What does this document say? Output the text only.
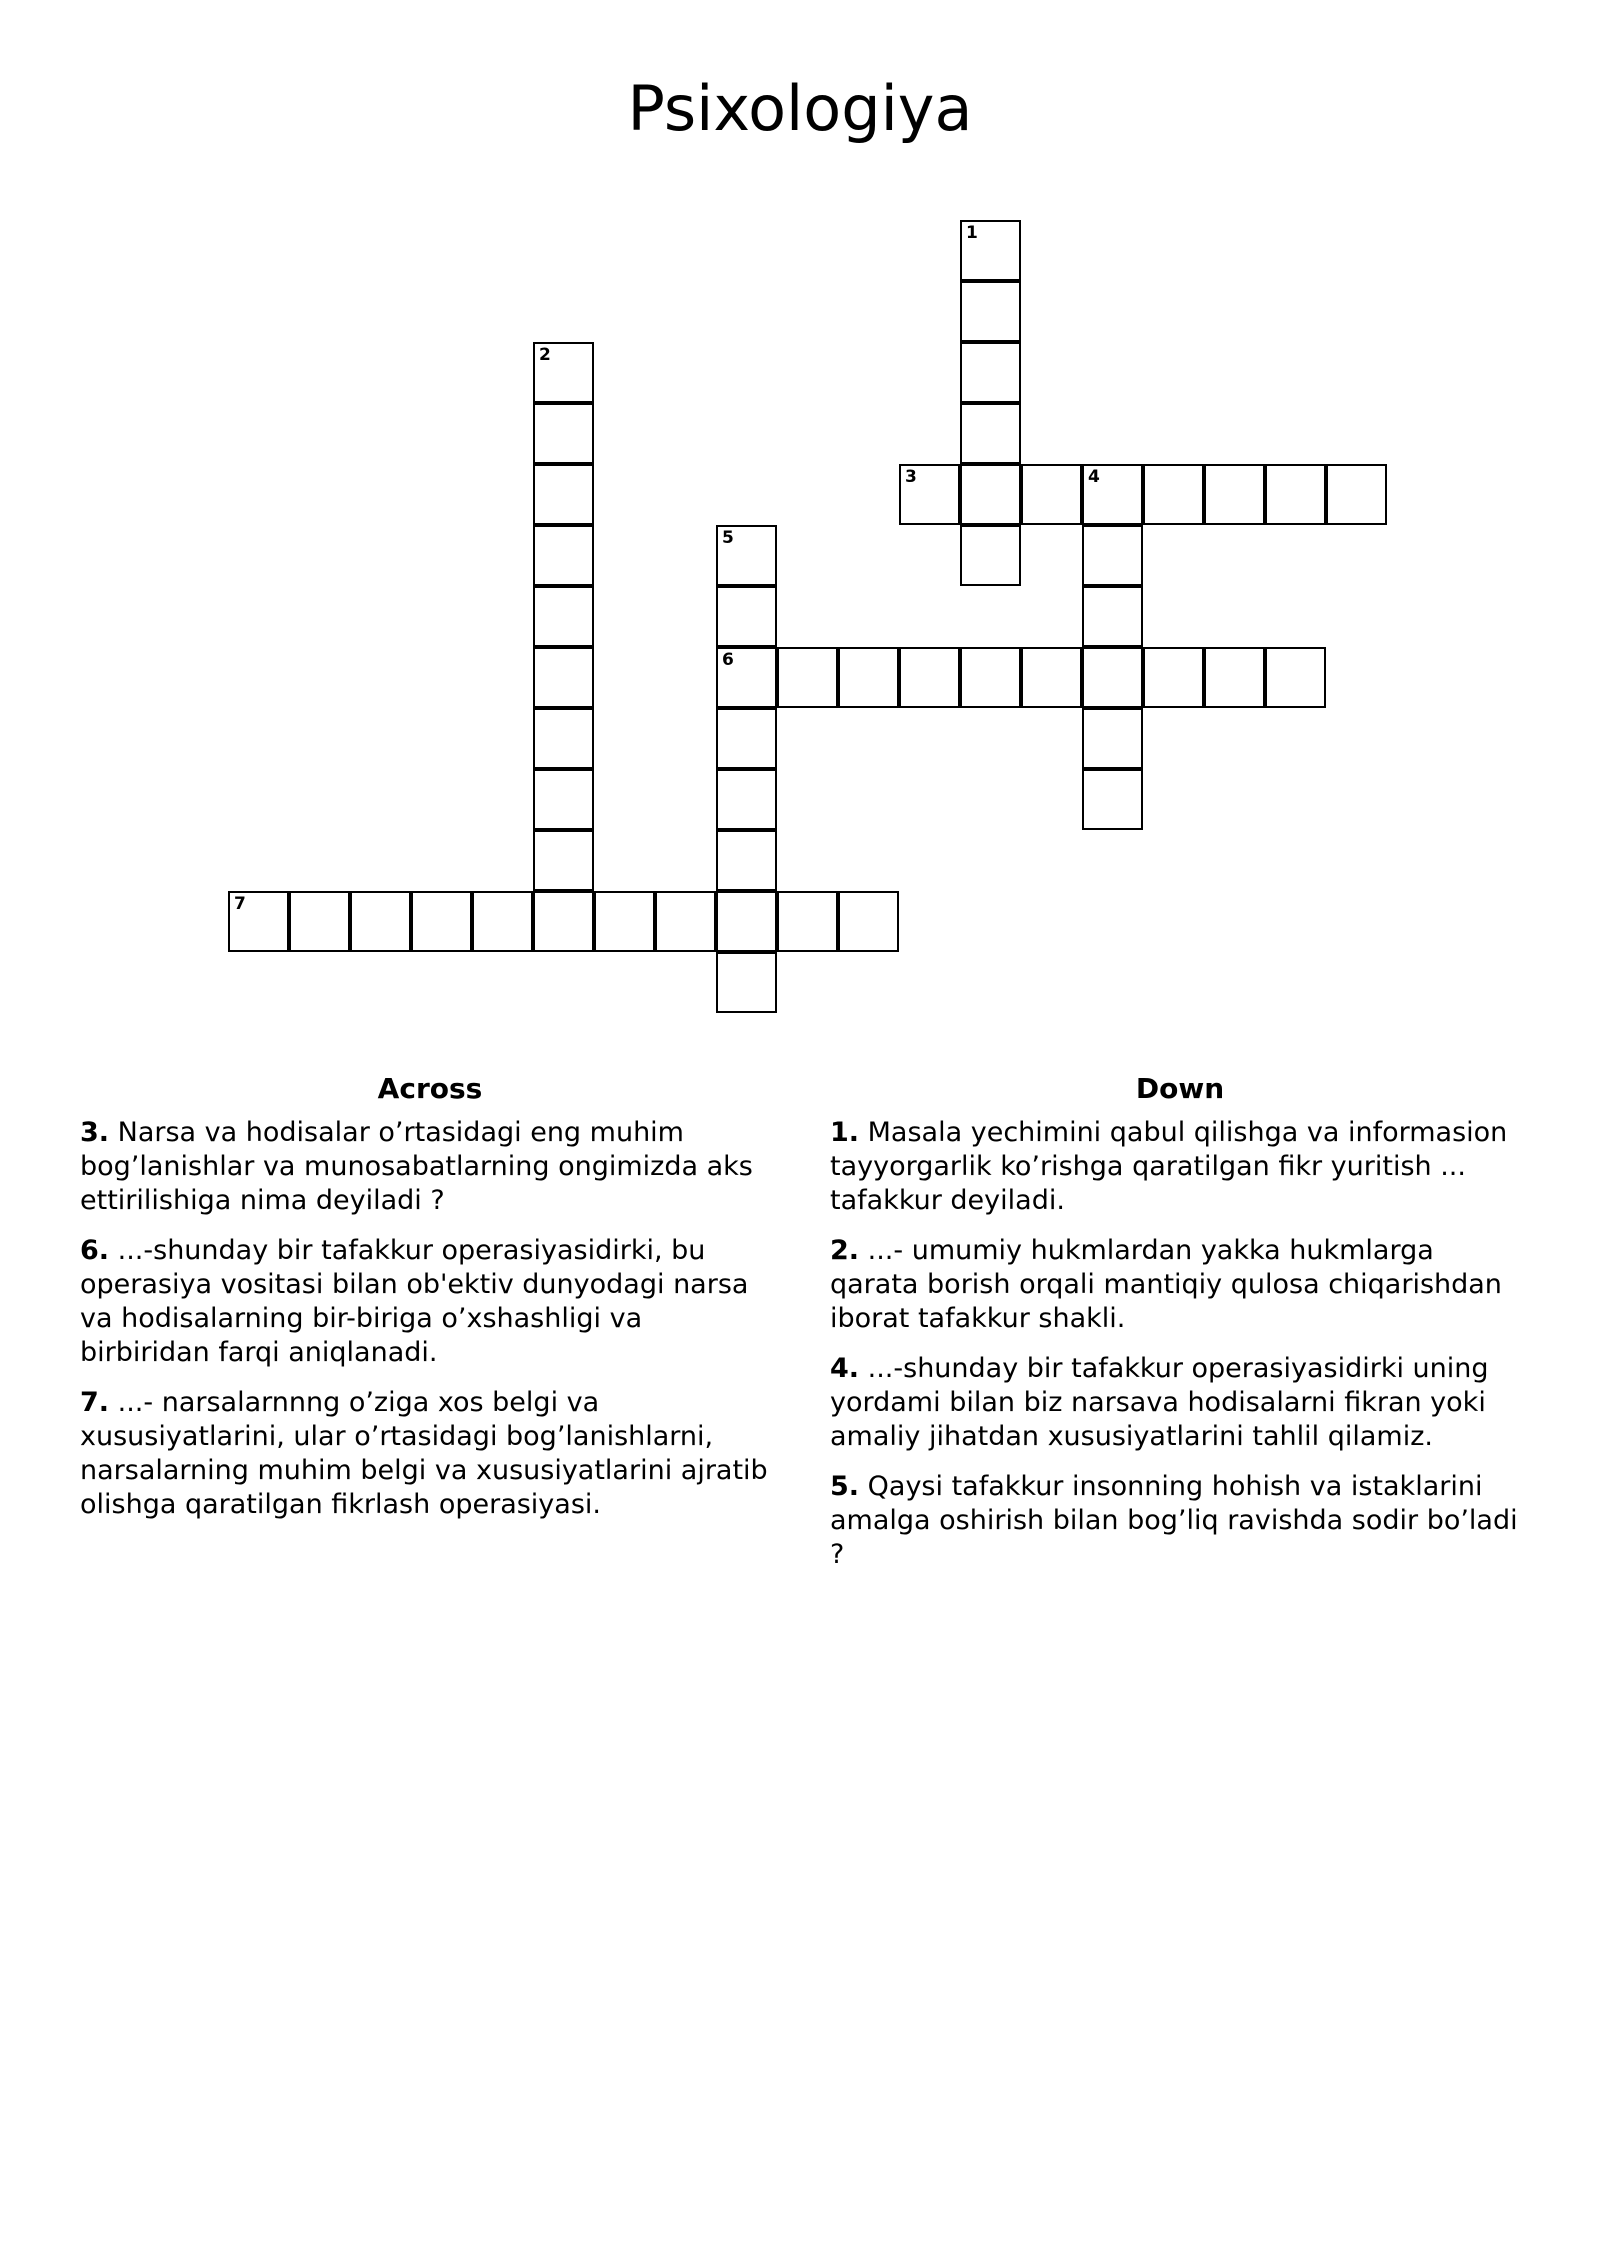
Psixologiya
1
2
3	4
5
6
7
Across
3. Narsa va hodisalar o’rtasidagi eng muhim bog’lanishlar va munosabatlarning ongimizda aks ettirilishiga nima deyiladi ?
6. ...-shunday bir tafakkur operasiyasidirki, bu operasiya vositasi bilan ob'ektiv dunyodagi narsa va hodisalarning bir-biriga o’xshashligi va birbiridan farqi aniqlanadi.
7. ...- narsalarnnng o’ziga xos belgi va xususiyatlarini, ular o’rtasidagi bog’lanishlarni, narsalarning muhim belgi va xususiyatlarini ajratib olishga qaratilgan fikrlash operasiyasi.
Down
1. Masala yechimini qabul qilishga va informasion tayyorgarlik ko’rishga qaratilgan fikr yuritish ... tafakkur deyiladi.
2. ...- umumiy hukmlardan yakka hukmlarga qarata borish orqali mantiqiy qulosa chiqarishdan iborat tafakkur shakli.
4. ...-shunday bir tafakkur operasiyasidirki uning yordami bilan biz narsava hodisalarni fikran yoki amaliy jihatdan xususiyatlarini tahlil qilamiz.
5. Qaysi tafakkur insonning hohish va istaklarini amalga oshirish bilan bog’liq ravishda sodir bo’ladi ?
